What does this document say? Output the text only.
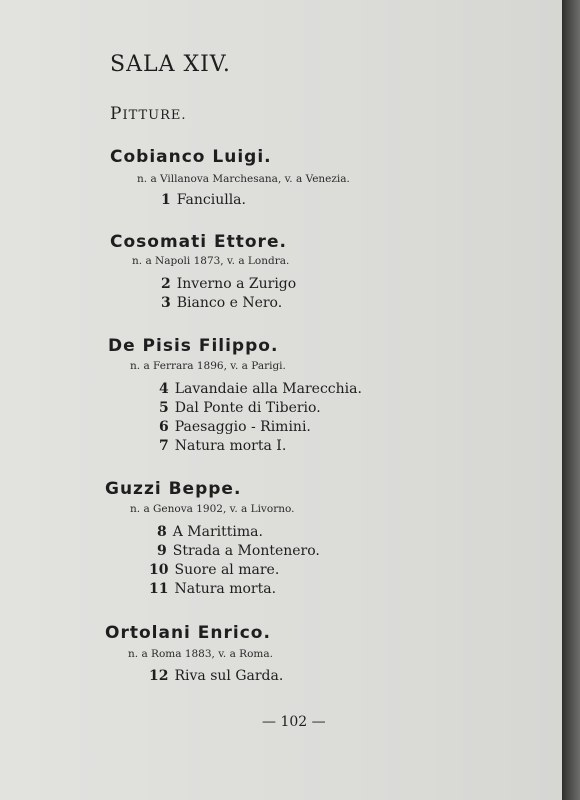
SALA XIV.
PITTURE.
Cobianco Luigi.
n. a Villanova Marchesana, v. a Venezia.
1 Fanciulla.
Cosomati Ettore.
n. a Napoli 1873, v. a Londra.
2 Inverno a Zurigo
3 Bianco e Nero.
De Pisis Filippo.
n. a Ferrara 1896, v. a Parigi.
4 Lavandaie alla Marecchia.
5 Dal Ponte di Tiberio.
6 Paesaggio - Rimini.
7 Natura morta I.
Guzzi Beppe.
n. a Genova 1902, v. a Livorno.
8 A Marittima.
9 Strada a Montenero.
10 Suore al mare.
11 Natura morta.
Ortolani Enrico.
n. a Roma 1883, v. a Roma.
12 Riva sul Garda.
— 102 —
